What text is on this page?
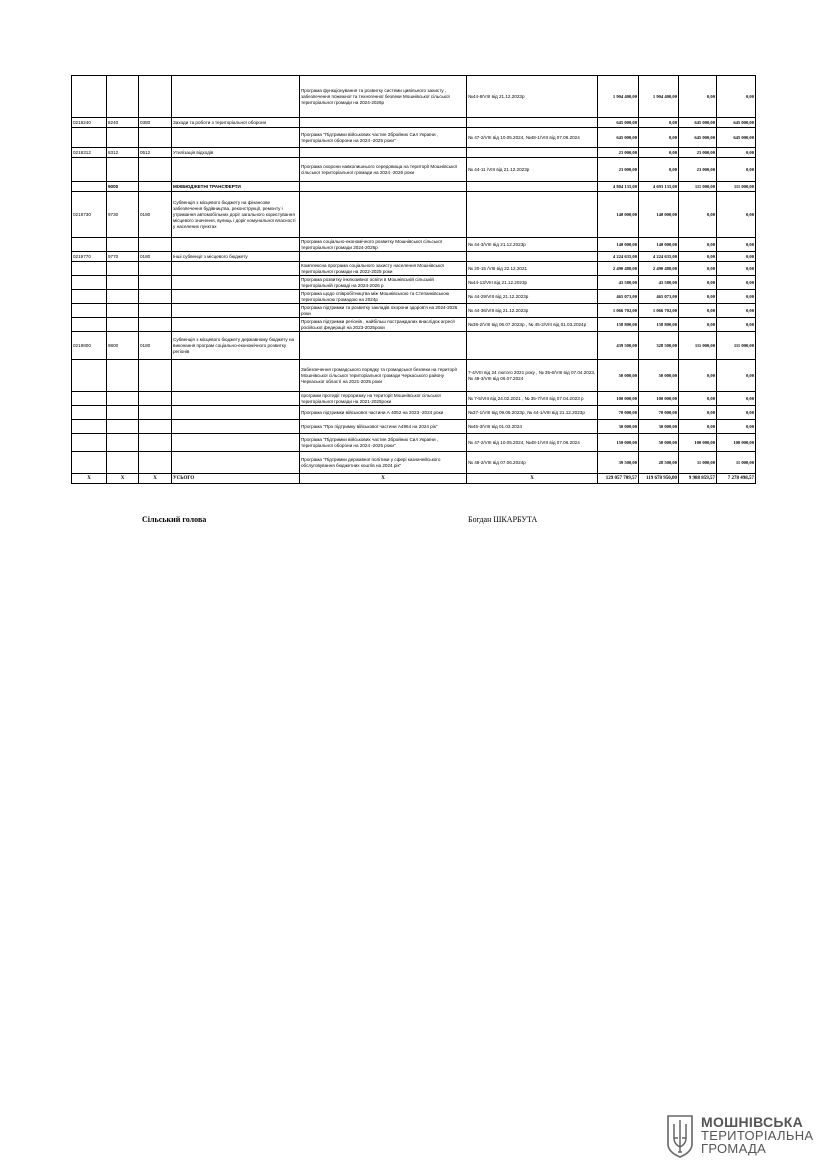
				Програма функціонування та розвитку системи цивільного захисту , забезпечення пожежної та техногенної безпеки Мошнівської сільської територіальної громади на 2024-2026р	№44-8/VIII від 21.12.2023р	1 904 400,00	1 904 400,00	0,00	0,00
0218240	8240	0380	Заходи та роботи з територіальної оборони			645 000,00	0,00	645 000,00	645 000,00
				Програма "Підтримки військових частин Збройних Сил України , територіальної оборони на 2024 -2025 роки"	№ 47-2/VIII від 10.05.2024, №48-1/VIII від 07.06.2024	645 000,00	0,00	645 000,00	645 000,00
0218312	8312	0512	Утилізація відходів			23 000,00	0,00	23 000,00	0,00
				Програма охорони навколишнього середовища на території Мошнівської сільської територіальної громади на 2024 -2026 роки	№ 44-11 /VIII від 21.12.2023р	23 000,00	0,00	23 000,00	0,00
	9000		МІЖБЮДЖЕТНІ ТРАНСФЕРТИ			4 804 135,00	4 693 135,00	111 000,00	111 000,00
0219730	9730	0180	Субвенція з місцевого бюджету на фінансове забезпечення будівництва, реконструкції, ремонту і утримання автомобільних доріг загального користування місцевого значення, вулиць і доріг комунальної власності у населених пунктах			140 000,00	140 000,00	0,00	0,00
				Програма соціально-економічного розвитку Мошнівської сільської територіальної громади 2024-2026р	№ 44-3/VIII від 21.12.2023р	140 000,00	140 000,00	0,00	0,00
0219770	9770	0180	Інші субвенції з місцевого бюджету			4 224 635,00	4 224 635,00	0,00	0,00
				Комплексна програма соціального захисту населення Мошнівської територіальної громади на 2022-2025 роки	№ 20-15 /VIII від 22.12.2021	2 490 480,00	2 490 480,00	0,00	0,00
				Програма розвитку інклюзивної освіти в Мошнівській сільській територіальній громаді на 2024-2026 р	№44-13/VIII від 21.12.2023р	43 580,00	43 580,00	0,00	0,00
				Програма щодо співробітництва між Мошнівською та Степанківською територіальною громадою на 2024р	№ 44-29/VIII від 21.12.2023р	465 073,00	465 073,00	0,00	0,00
				Програма підтримки та розвитку закладів охорони здоров'я на 2024-2026 роки	№ 44-36/VIII від 21.12.2023р	1 066 702,00	1 066 702,00	0,00	0,00
				Програма підтримки регіонів , найбільш постраждалих внаслідок агресії російської федерації на 2023-2025роки	№38-2/VIII від 06.07.2023р , № 45-2/VIII від 01.03.2024р	158 800,00	158 800,00	0,00	0,00
0219800	9800	0180	Субвенція з місцевого бюджету державному бюджету на виконання програм соціально-економічного розвитку регіонів			439 500,00	328 500,00	111 000,00	111 000,00
				Забезпечення громадського порядку та громадської безпеки на території Мошнівської сільської територіальної громади Черкаського району Черкаської області на 2021-2025 роки	7-4/VIII від 24 лютого 2021 року , № 35-6/VIII від 07.04.2023, № 48-3/VIII від 06.07.2024	50 000,00	50 000,00	0,00	0,00
				програми протидії терроризму на території Мошнівської сільської територіальної громади на 2021-2025роки	№ 7-5/VIII від 24.02.2021 , № 35-7/VIII від 07.04.2023 р	100 000,00	100 000,00	0,00	0,00
				Програма підтримки військової частини А 4052 на 2023 -2024 роки	№37-1/VIII від 09.06.2023р, № 44-1/VIII від 21.12.2023р	70 000,00	70 000,00	0,00	0,00
				Програма "Про підтримку військової частини А4964 на 2024 рік"	№45-3/VIII від 01.03.2024	30 000,00	30 000,00	0,00	0,00
				Програма "Підтримки військових частин Збройних Сил України , територіальної оборони на 2024 -2025 роки"	№ 47-2/VIII від 10.05.2024, №48-1/VIII від 07.06.2024	150 000,00	50 000,00	100 000,00	100 000,00
				Програма "Підтримки державної політики у сфері казначейського обслуговування бюджетних коштів на 2024 рік"	№ 48-2/VIII від 07.06.2024р	39 500,00	28 500,00	11 000,00	11 000,00
X	X	X	УСЬОГО	X	X	129 057 709,57	119 678 950,00	9 988 859,57	7 278 498,57
Сільський голова	Богдан ШКАРБУТА
МОШНІВСЬКА
ТЕРИТОРІАЛЬНА
ГРОМАДА
